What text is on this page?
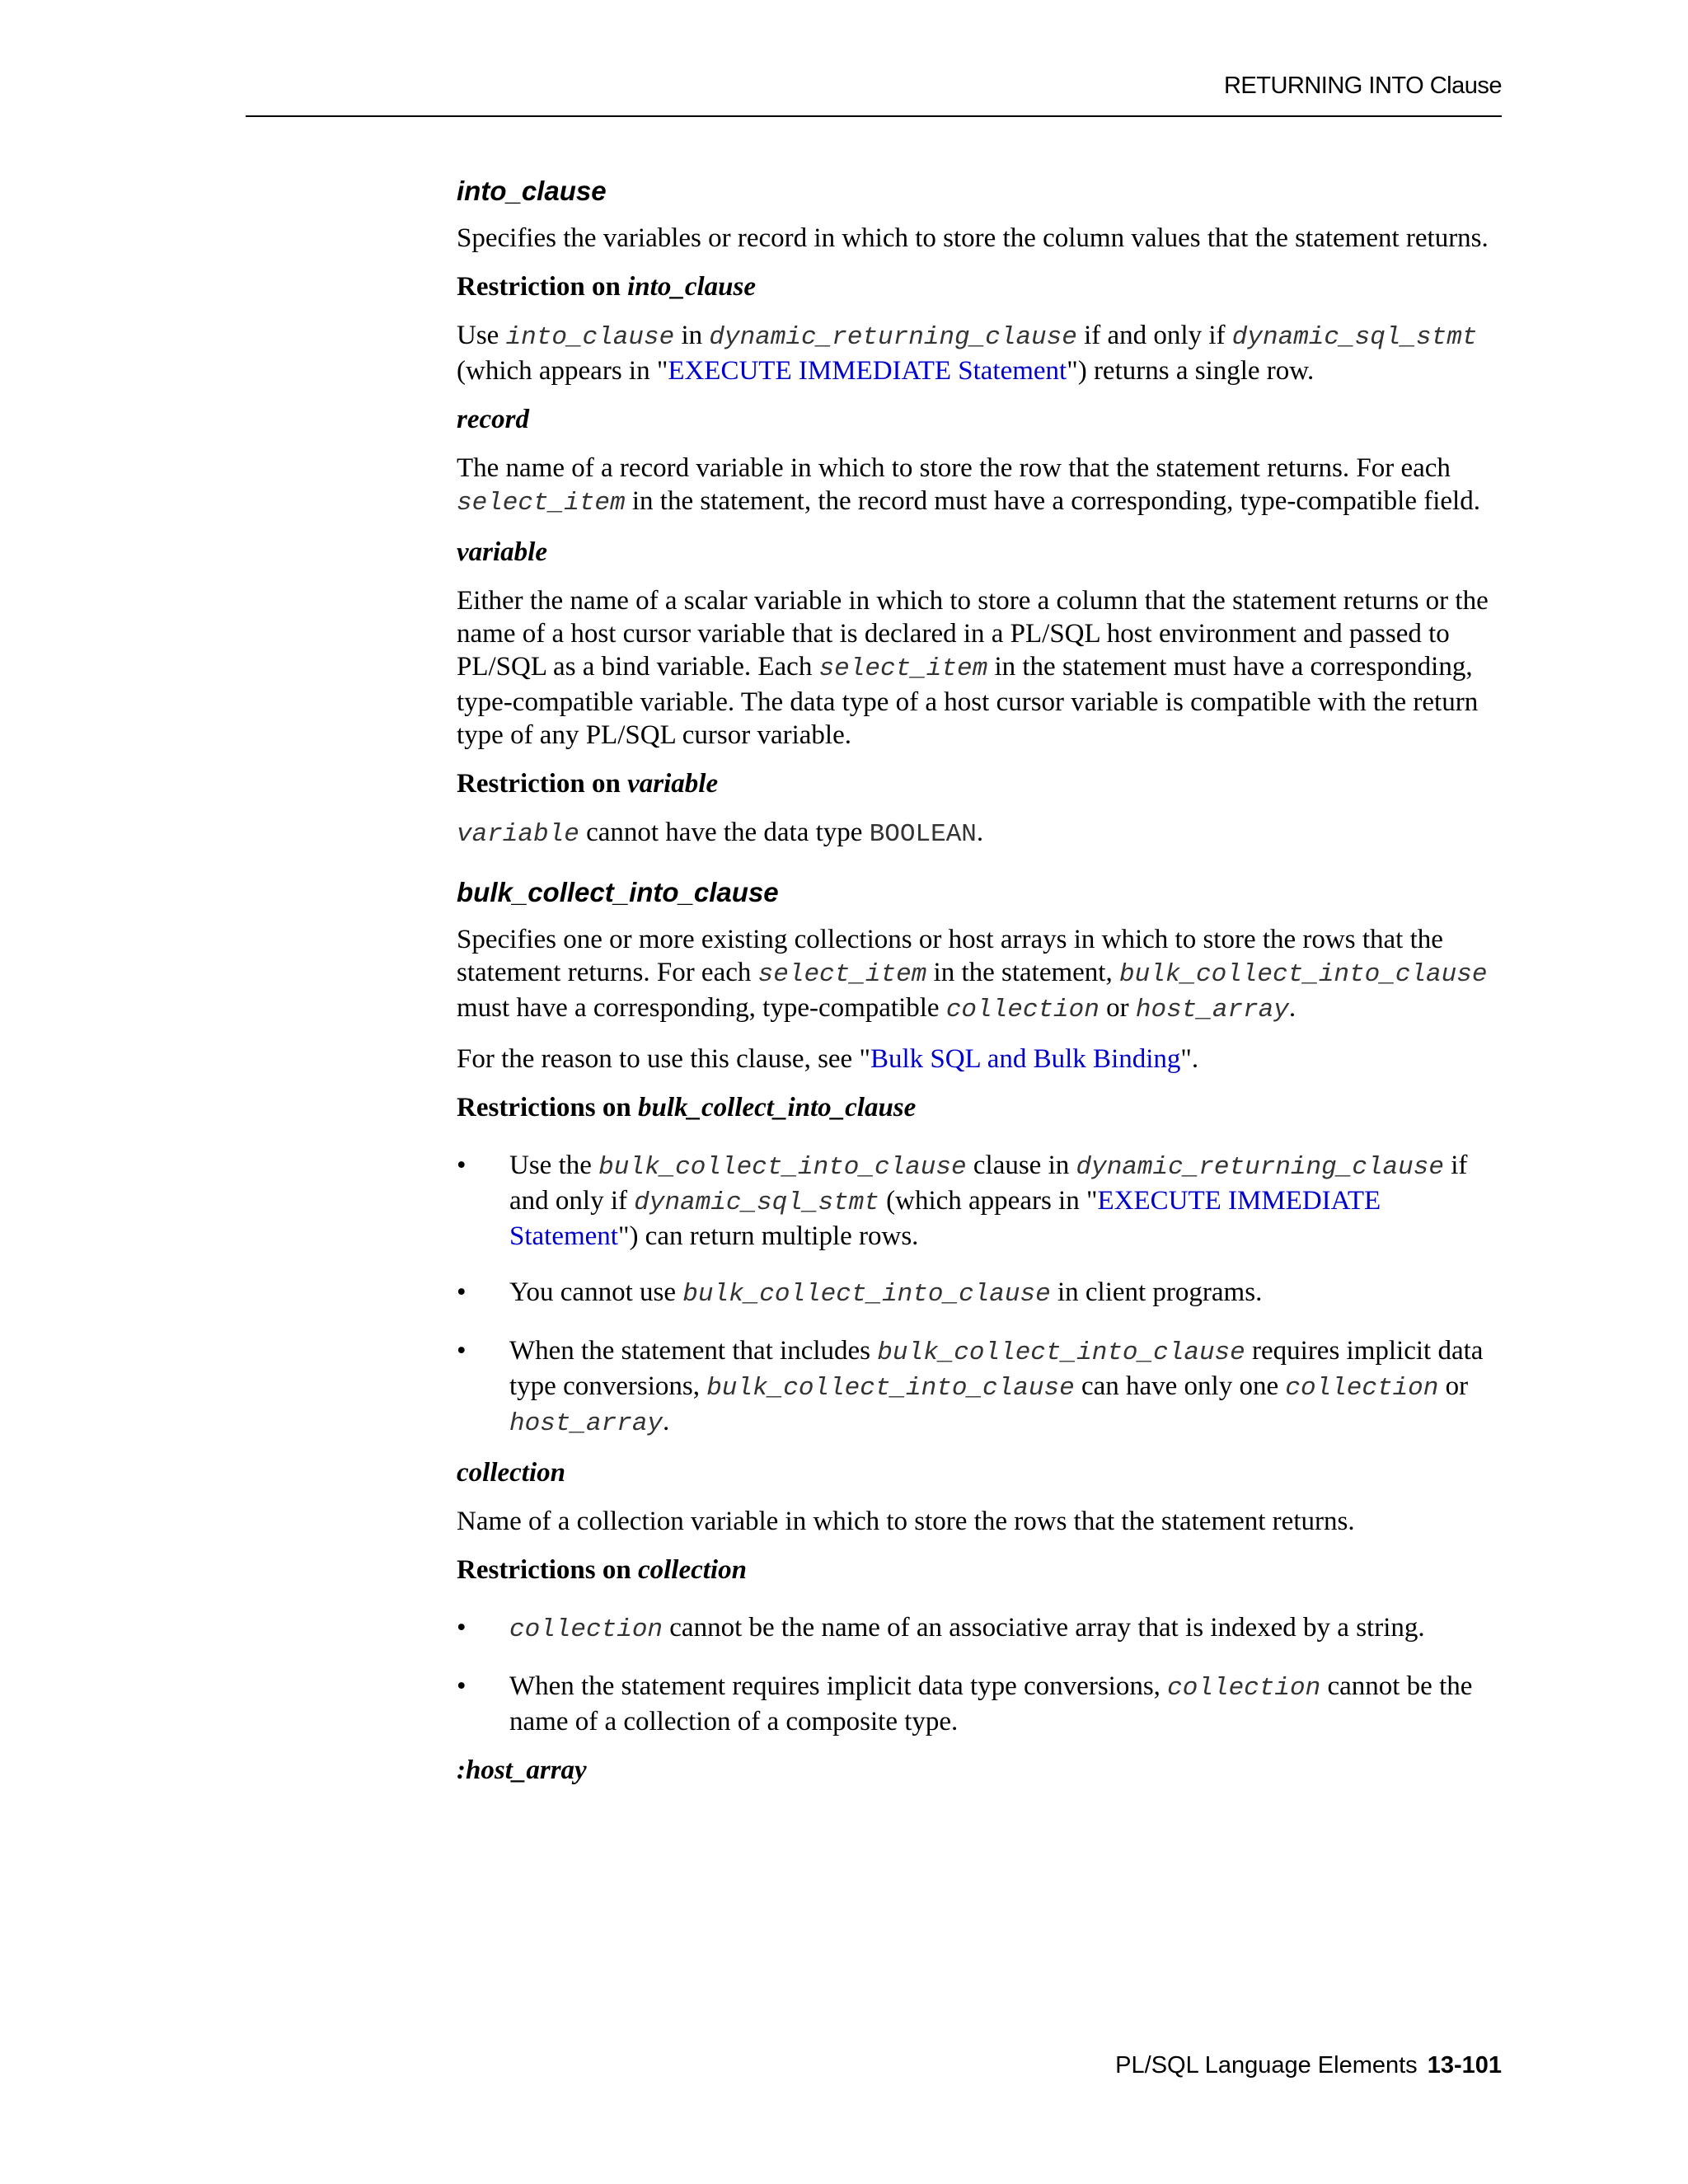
RETURNING INTO Clause
into_clause

Specifies the variables or record in which to store the column values that the statement returns.

Restriction on into_clause

Use into_clause in dynamic_returning_clause if and only if dynamic_sql_stmt (which appears in "EXECUTE IMMEDIATE Statement") returns a single row.

record

The name of a record variable in which to store the row that the statement returns. For each select_item in the statement, the record must have a corresponding, type-compatible field.

variable

Either the name of a scalar variable in which to store a column that the statement returns or the name of a host cursor variable that is declared in a PL/SQL host environment and passed to PL/SQL as a bind variable. Each select_item in the statement must have a corresponding, type-compatible variable. The data type of a host cursor variable is compatible with the return type of any PL/SQL cursor variable.

Restriction on variable

variable cannot have the data type BOOLEAN.

bulk_collect_into_clause

Specifies one or more existing collections or host arrays in which to store the rows that the statement returns. For each select_item in the statement, bulk_collect_into_clause must have a corresponding, type-compatible collection or host_array.

For the reason to use this clause, see "Bulk SQL and Bulk Binding".

Restrictions on bulk_collect_into_clause
• Use the bulk_collect_into_clause clause in dynamic_returning_clause if and only if dynamic_sql_stmt (which appears in "EXECUTE IMMEDIATE Statement") can return multiple rows.
• You cannot use bulk_collect_into_clause in client programs.
• When the statement that includes bulk_collect_into_clause requires implicit data type conversions, bulk_collect_into_clause can have only one collection or host_array.
collection

Name of a collection variable in which to store the rows that the statement returns.

Restrictions on collection
• collection cannot be the name of an associative array that is indexed by a string.
• When the statement requires implicit data type conversions, collection cannot be the name of a collection of a composite type.
:host_array
PL/SQL Language Elements 13-101
